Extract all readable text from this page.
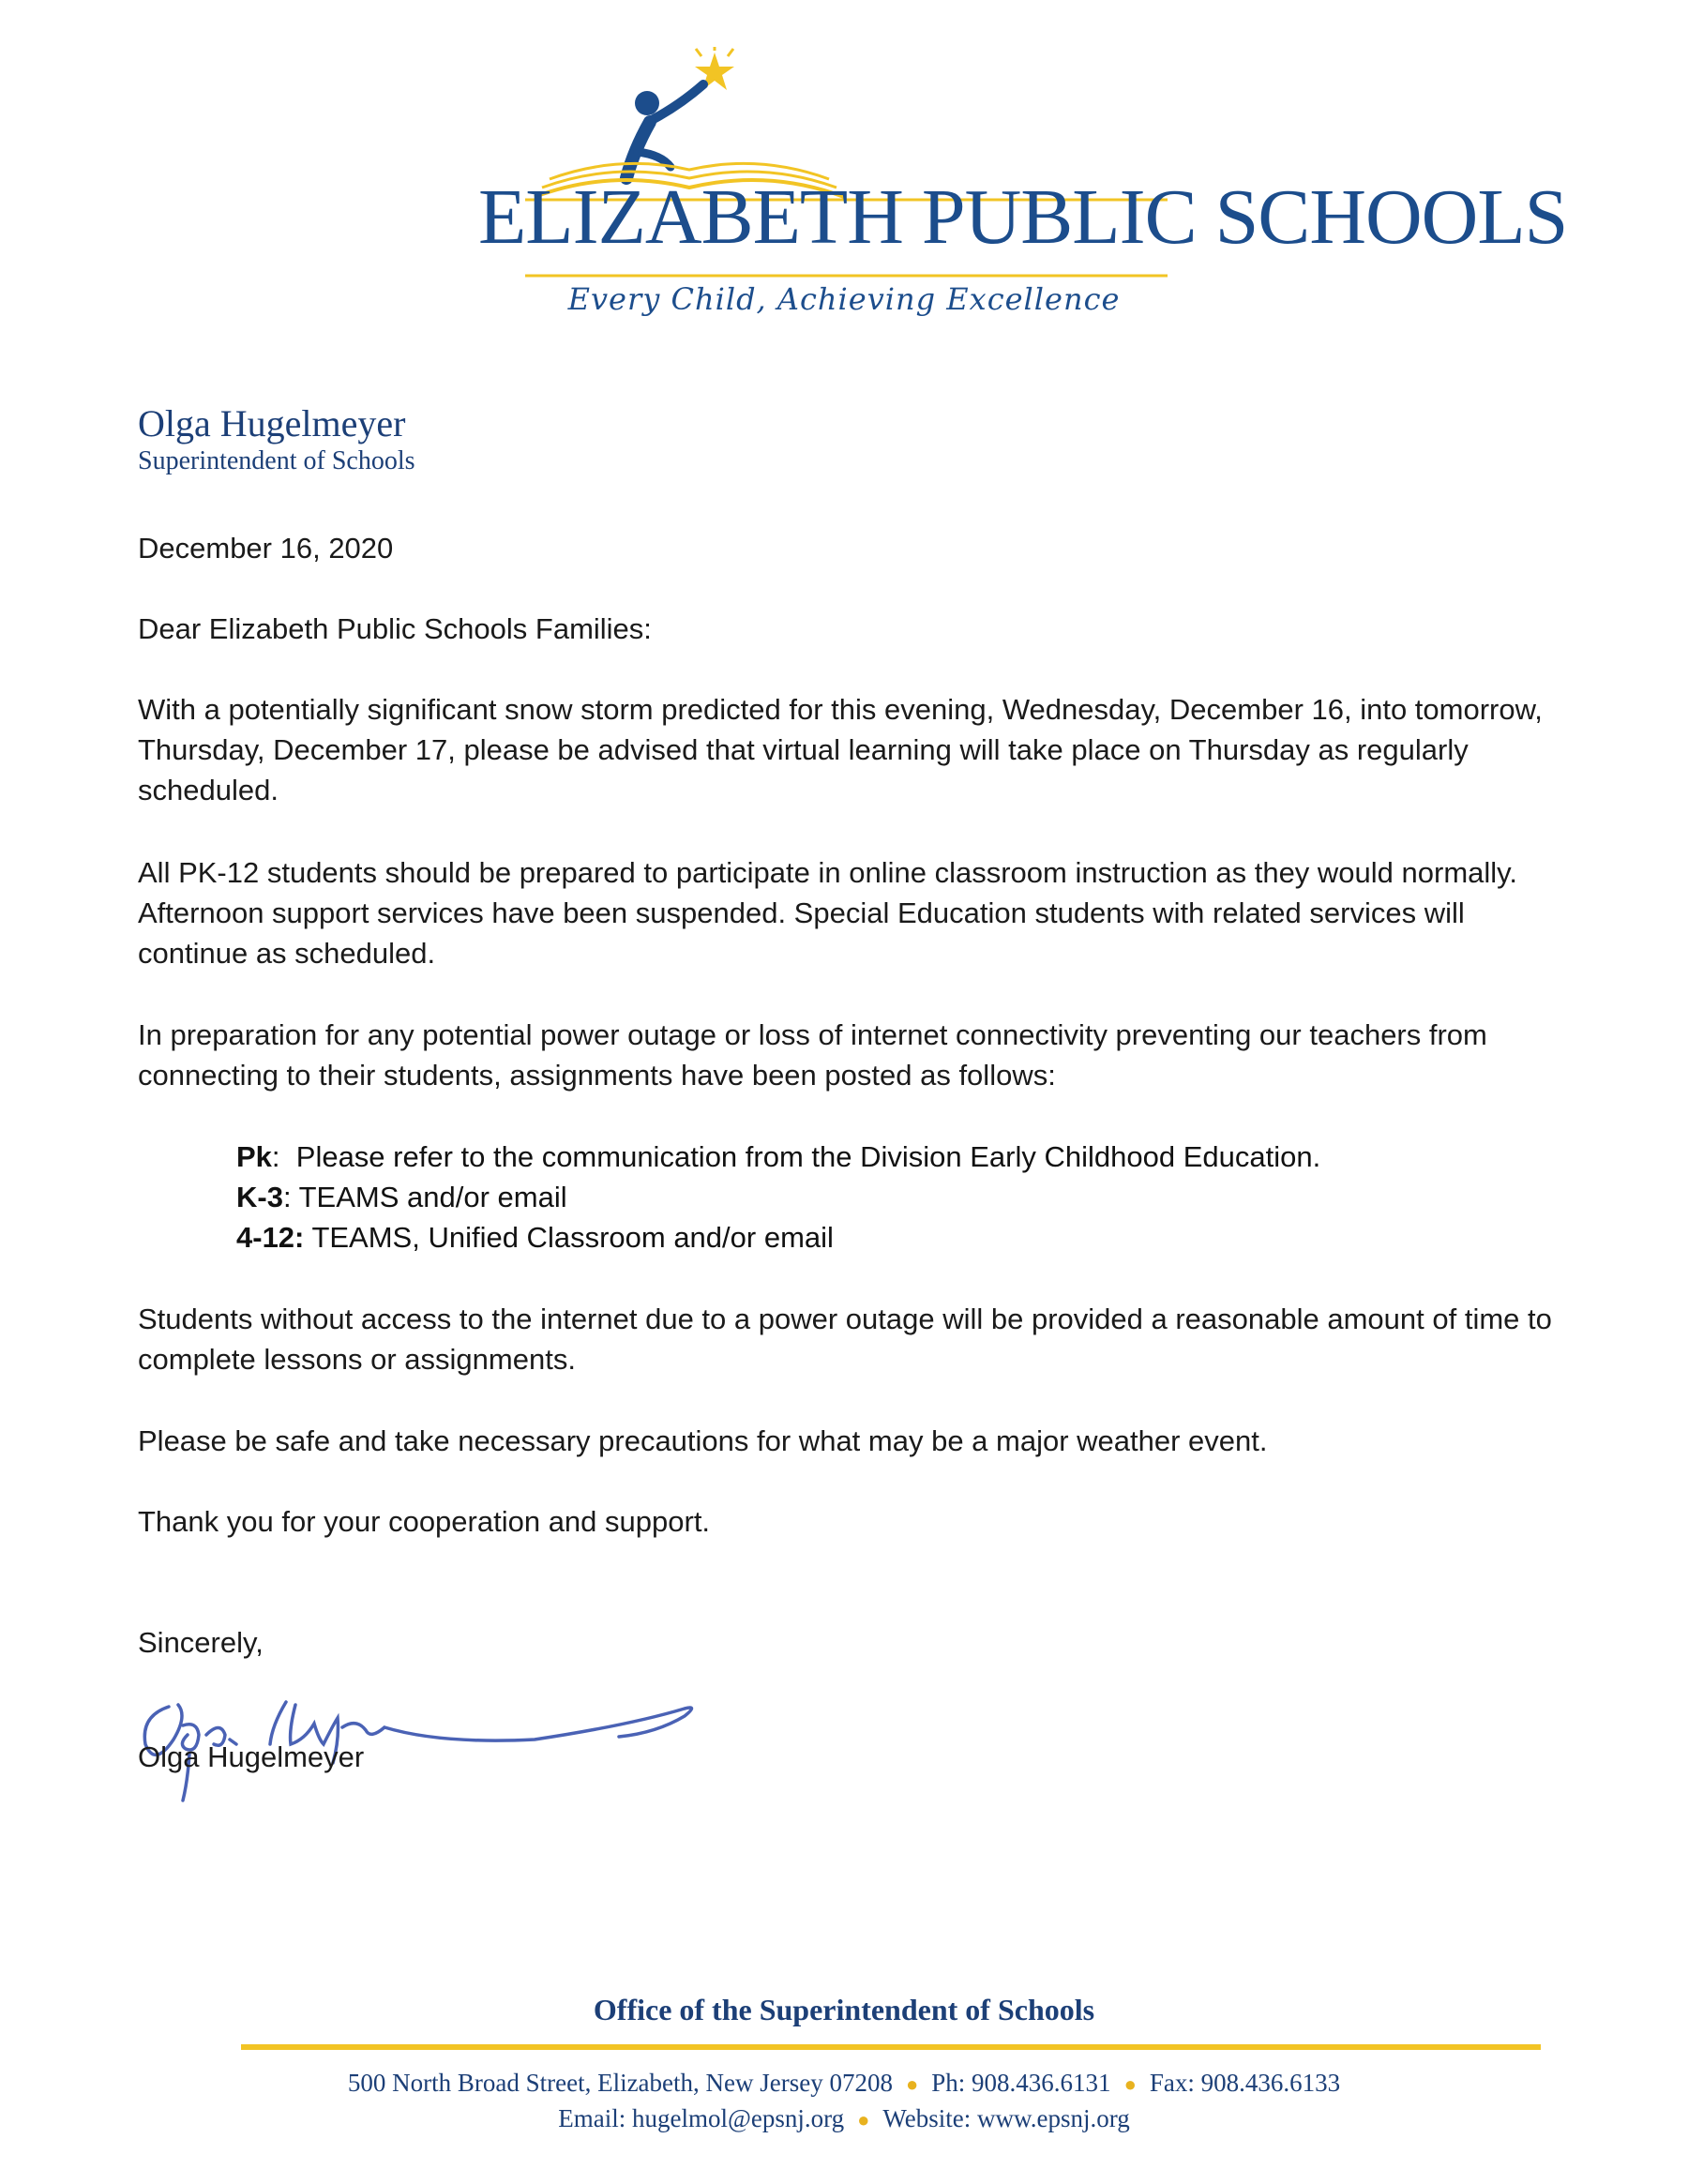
ELIZABETH PUBLIC SCHOOLS
Every Child, Achieving Excellence
Olga Hugelmeyer
Superintendent of Schools

December 16, 2020

Dear Elizabeth Public Schools Families:

With a potentially significant snow storm predicted for this evening, Wednesday, December 16, into tomorrow, Thursday, December 17, please be advised that virtual learning will take place on Thursday as regularly scheduled.

All PK-12 students should be prepared to participate in online classroom instruction as they would normally. Afternoon support services have been suspended. Special Education students with related services will continue as scheduled.

In preparation for any potential power outage or loss of internet connectivity preventing our teachers from connecting to their students, assignments have been posted as follows:

Pk:  Please refer to the communication from the Division Early Childhood Education.
K-3: TEAMS and/or email
4-12: TEAMS, Unified Classroom and/or email

Students without access to the internet due to a power outage will be provided a reasonable amount of time to complete lessons or assignments.

Please be safe and take necessary precautions for what may be a major weather event.

Thank you for your cooperation and support.

Sincerely,

Olga Hugelmeyer

Office of the Superintendent of Schools
500 North Broad Street, Elizabeth, New Jersey 07208 ● Ph: 908.436.6131 ● Fax: 908.436.6133
Email: hugelmol@epsnj.org ● Website: www.epsnj.org
